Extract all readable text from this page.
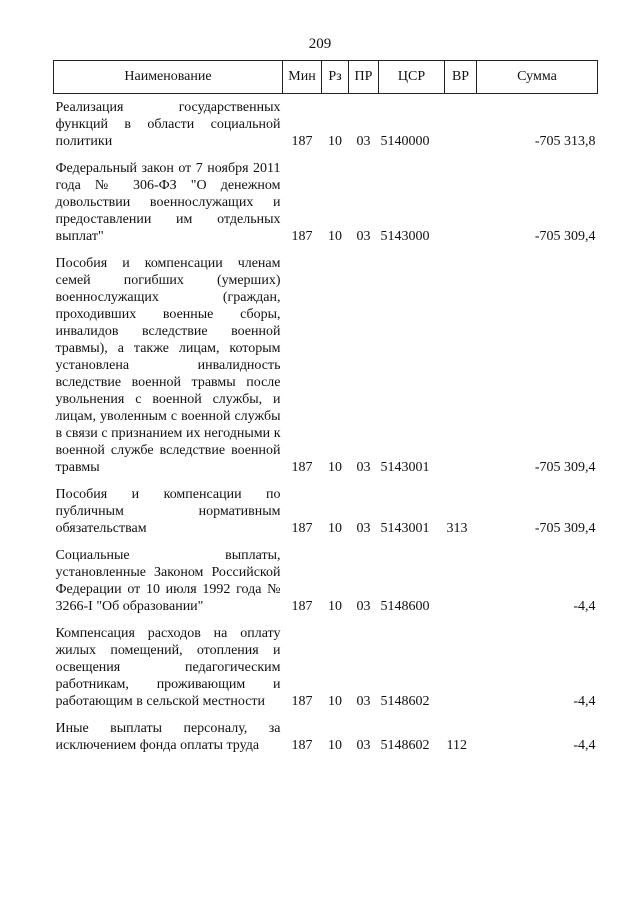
209
Наименование	Мин	Рз	ПР	ЦСР	ВР	Сумма
Реализация государственных функций в области социальной политики	187	10	03	5140000		-705 313,8
Федеральный закон от 7 ноября 2011 года № 306-ФЗ "О денежном довольствии военнослужащих и предоставлении им отдельных выплат"	187	10	03	5143000		-705 309,4
Пособия и компенсации членам семей погибших (умерших) военнослужащих (граждан, проходивших военные сборы, инвалидов вследствие военной травмы), а также лицам, которым установлена инвалидность вследствие военной травмы после увольнения с военной службы, и лицам, уволенным с военной службы в связи с признанием их негодными к военной службе вследствие военной травмы	187	10	03	5143001		-705 309,4
Пособия и компенсации по публичным нормативным обязательствам	187	10	03	5143001	313	-705 309,4
Социальные выплаты, установленные Законом Российской Федерации от 10 июля 1992 года № 3266-I "Об образовании"	187	10	03	5148600		-4,4
Компенсация расходов на оплату жилых помещений, отопления и освещения педагогическим работникам, проживающим и работающим в сельской местности	187	10	03	5148602		-4,4
Иные выплаты персоналу, за исключением фонда оплаты труда	187	10	03	5148602	112	-4,4
